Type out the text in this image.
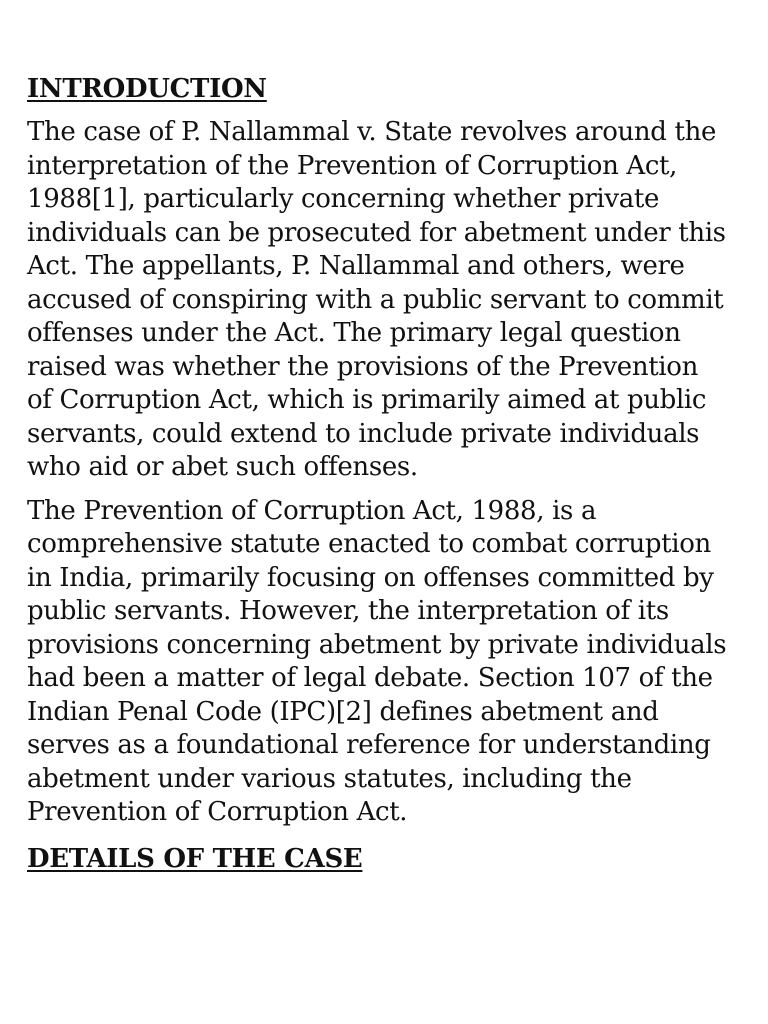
INTRODUCTION

The case of P. Nallammal v. State revolves around the interpretation of the Prevention of Corruption Act, 1988[1], particularly concerning whether private individuals can be prosecuted for abetment under this Act. The appellants, P. Nallammal and others, were accused of conspiring with a public servant to commit offenses under the Act. The primary legal question raised was whether the provisions of the Prevention of Corruption Act, which is primarily aimed at public servants, could extend to include private individuals who aid or abet such offenses.

The Prevention of Corruption Act, 1988, is a comprehensive statute enacted to combat corruption in India, primarily focusing on offenses committed by public servants. However, the interpretation of its provisions concerning abetment by private individuals had been a matter of legal debate. Section 107 of the Indian Penal Code (IPC)[2] defines abetment and serves as a foundational reference for understanding abetment under various statutes, including the Prevention of Corruption Act.

DETAILS OF THE CASE
